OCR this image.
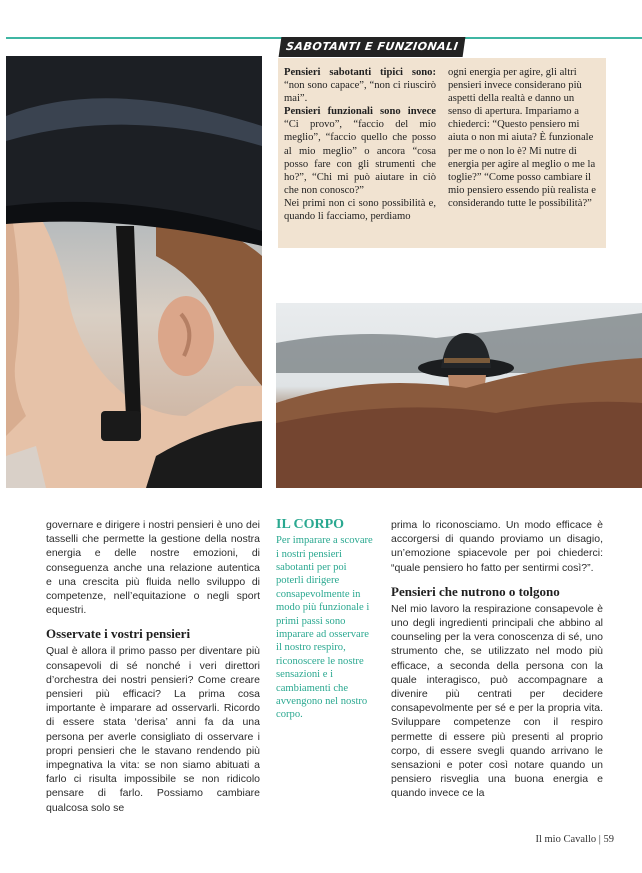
SABOTANTI E FUNZIONALI

Pensieri sabotanti tipici sono: “non sono capace”, “non ci riuscirò mai”.

Pensieri funzionali sono invece “Ci provo”, “faccio del mio meglio”, “faccio quello che posso al mio meglio” o ancora “cosa posso fare con gli strumenti che ho?”, “Chi mi può aiutare in ciò che non conosco?”

Nei primi non ci sono possibilità e, quando li facciamo, perdiamo

ogni energia per agire, gli altri pensieri invece considerano più aspetti della realtà e danno un senso di apertura. Impariamo a chiederci: “Questo pensiero mi aiuta o non mi aiuta? È funzionale per me o non lo è? Mi nutre di energia per agire al meglio o me la toglie?” “Come posso cambiare il mio pensiero essendo più realista e considerando tutte le possibilità?”

governare e dirigere i nostri pensieri è uno dei tasselli che permette la gestione della nostra energia e delle nostre emozioni, di conseguenza anche una relazione autentica e una crescita più fluida nello sviluppo di competenze, nell’equitazione o negli sport equestri.

Osservate i vostri pensieri

Qual è allora il primo passo per diventare più consapevoli di sé nonché i veri direttori d’orchestra dei nostri pensieri? Come creare pensieri più efficaci? La prima cosa importante è imparare ad osservarli. Ricordo di essere stata ‘derisa’ anni fa da una persona per averle consigliato di osservare i propri pensieri che le stavano rendendo più impegnativa la vita: se non siamo abituati a farlo ci risulta impossibile se non ridicolo pensare di farlo. Possiamo cambiare qualcosa solo se

IL CORPO

Per imparare a scovare i nostri pensieri sabotanti per poi poterli dirigere consapevolmente in modo più funzionale i primi passi sono imparare ad osservare il nostro respiro, riconoscere le nostre sensazioni e i cambiamenti che avvengono nel nostro corpo.

prima lo riconosciamo. Un modo efficace è accorgersi di quando proviamo un disagio, un’emozione spiacevole per poi chiederci: “quale pensiero ho fatto per sentirmi così?”.

Pensieri che nutrono o tolgono

Nel mio lavoro la respirazione consapevole è uno degli ingredienti principali che abbino al counseling per la vera conoscenza di sé, uno strumento che, se utilizzato nel modo più efficace, a seconda della persona con la quale interagisco, può accompagnare a divenire più centrati per decidere consapevolmente per sé e per la propria vita. Sviluppare competenze con il respiro permette di essere più presenti al proprio corpo, di essere svegli quando arrivano le sensazioni e poter così notare quando un pensiero risveglia una buona energia e quando invece ce la

Il mio Cavallo | 59
